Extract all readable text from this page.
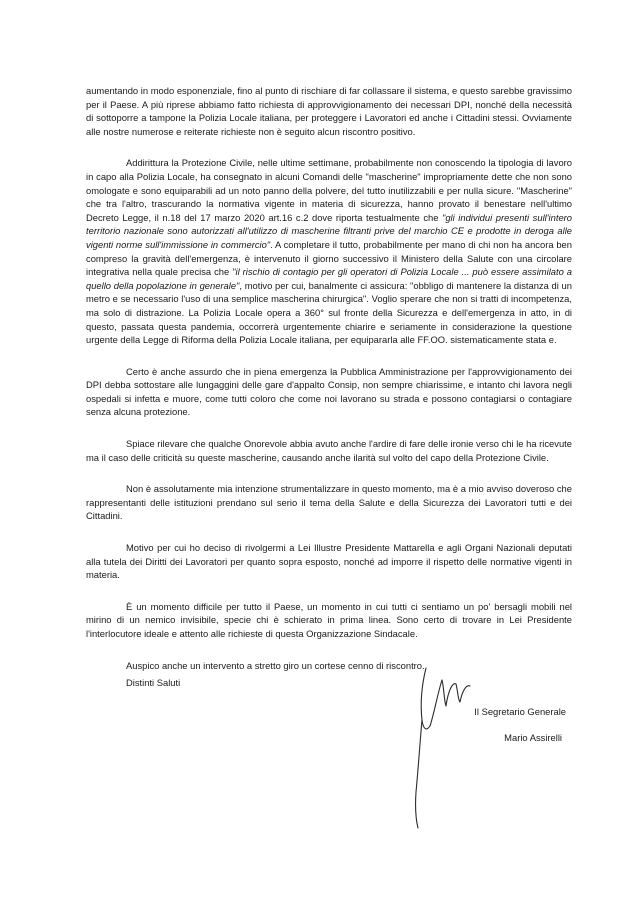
aumentando in modo esponenziale, fino al punto di rischiare di far collassare il sistema, e questo sarebbe gravissimo per il Paese. A più riprese abbiamo fatto richiesta di approvvigionamento dei necessari DPI, nonché della necessità di sottoporre a tampone la Polizia Locale italiana, per proteggere i Lavoratori ed anche i Cittadini stessi. Ovviamente alle nostre numerose e reiterate richieste non è seguito alcun riscontro positivo.

Addirittura la Protezione Civile, nelle ultime settimane, probabilmente non conoscendo la tipologia di lavoro in capo alla Polizia Locale, ha consegnato in alcuni Comandi delle "mascherine" impropriamente dette che non sono omologate e sono equiparabili ad un noto panno della polvere, del tutto inutilizzabili e per nulla sicure. "Mascherine" che tra l'altro, trascurando la normativa vigente in materia di sicurezza, hanno provato il benestare nell'ultimo Decreto Legge, il n.18 del 17 marzo 2020 art.16 c.2 dove riporta testualmente che "gli individui presenti sull'intero territorio nazionale sono autorizzati all'utilizzo di mascherine filtranti prive del marchio CE e prodotte in deroga alle vigenti norme sull'immissione in commercio". A completare il tutto, probabilmente per mano di chi non ha ancora ben compreso la gravità dell'emergenza, è intervenuto il giorno successivo il Ministero della Salute con una circolare integrativa nella quale precisa che "il rischio di contagio per gli operatori di Polizia Locale ... può essere assimilato a quello della popolazione in generale", motivo per cui, banalmente ci assicura: "obbligo di mantenere la distanza di un metro e se necessario l'uso di una semplice mascherina chirurgica". Voglio sperare che non si tratti di incompetenza, ma solo di distrazione. La Polizia Locale opera a 360° sul fronte della Sicurezza e dell'emergenza in atto, in di questo, passata questa pandemia, occorrerà urgentemente chiarire e seriamente in considerazione la questione urgente della Legge di Riforma della Polizia Locale italiana, per equipararla alle FF.OO. sistematicamente stata e.

Certo è anche assurdo che in piena emergenza la Pubblica Amministrazione per l'approvvigionamento dei DPI debba sottostare alle lungaggini delle gare d'appalto Consip, non sempre chiarissime, e intanto chi lavora negli ospedali si infetta e muore, come tutti coloro che come noi lavorano su strada e possono contagiarsi o contagiare senza alcuna protezione.

Spiace rilevare che qualche Onorevole abbia avuto anche l'ardire di fare delle ironie verso chi le ha ricevute ma il caso delle criticità su queste mascherine, causando anche ilarità sul volto del capo della Protezione Civile.

Non è assolutamente mia intenzione strumentalizzare in questo momento, ma è a mio avviso doveroso che rappresentanti delle istituzioni prendano sul serio il tema della Salute e della Sicurezza dei Lavoratori tutti e dei Cittadini.

Motivo per cui ho deciso di rivolgermi a Lei Illustre Presidente Mattarella e agli Organi Nazionali deputati alla tutela dei Diritti dei Lavoratori per quanto sopra esposto, nonché ad imporre il rispetto delle normative vigenti in materia.

È un momento difficile per tutto il Paese, un momento in cui tutti ci sentiamo un po' bersagli mobili nel mirino di un nemico invisibile, specie chi è schierato in prima linea. Sono certo di trovare in Lei Presidente l'interlocutore ideale e attento alle richieste di questa Organizzazione Sindacale.

Auspico anche un intervento a stretto giro un cortese cenno di riscontro.

Distinti Saluti
Il Segretario Generale
Mario Assirelli
